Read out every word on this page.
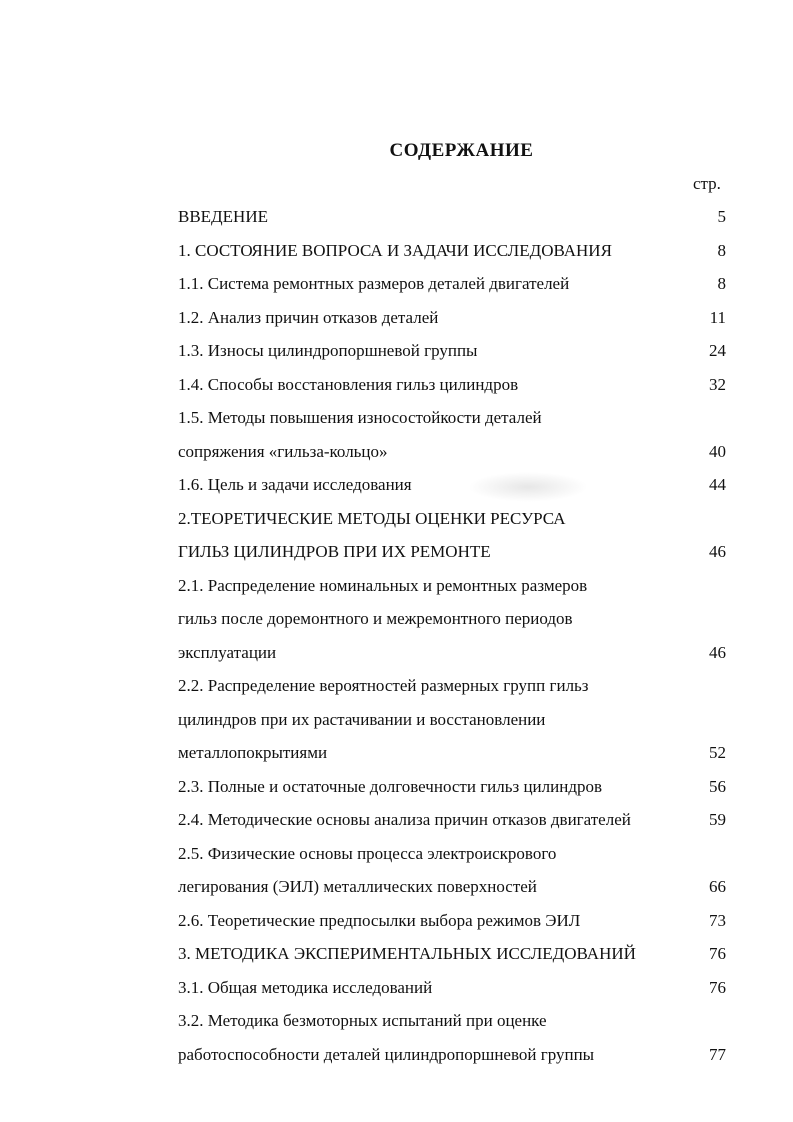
СОДЕРЖАНИЕ
стр.
ВВЕДЕНИЕ	5
1. СОСТОЯНИЕ ВОПРОСА И ЗАДАЧИ ИССЛЕДОВАНИЯ	8
1.1. Система ремонтных размеров деталей двигателей	8
1.2. Анализ причин отказов деталей	11
1.3. Износы цилиндропоршневой группы	24
1.4. Способы восстановления гильз цилиндров	32
1.5. Методы повышения износостойкости деталей
сопряжения «гильза-кольцо»	40
1.6. Цель и задачи исследования	44
2.ТЕОРЕТИЧЕСКИЕ МЕТОДЫ ОЦЕНКИ РЕСУРСА
ГИЛЬЗ ЦИЛИНДРОВ ПРИ ИХ РЕМОНТЕ	46
2.1. Распределение номинальных и ремонтных размеров
гильз после доремонтного и межремонтного периодов
эксплуатации	46
2.2. Распределение вероятностей размерных групп гильз
цилиндров при их растачивании и восстановлении
металлопокрытиями	52
2.3. Полные и остаточные долговечности гильз цилиндров	56
2.4. Методические основы анализа причин отказов двигателей	59
2.5. Физические основы процесса электроискрового
легирования (ЭИЛ) металлических поверхностей	66
2.6. Теоретические предпосылки выбора режимов ЭИЛ	73
3. МЕТОДИКА ЭКСПЕРИМЕНТАЛЬНЫХ ИССЛЕДОВАНИЙ	76
3.1. Общая методика исследований	76
3.2. Методика безмоторных испытаний при оценке
работоспособности деталей цилиндропоршневой группы	77
